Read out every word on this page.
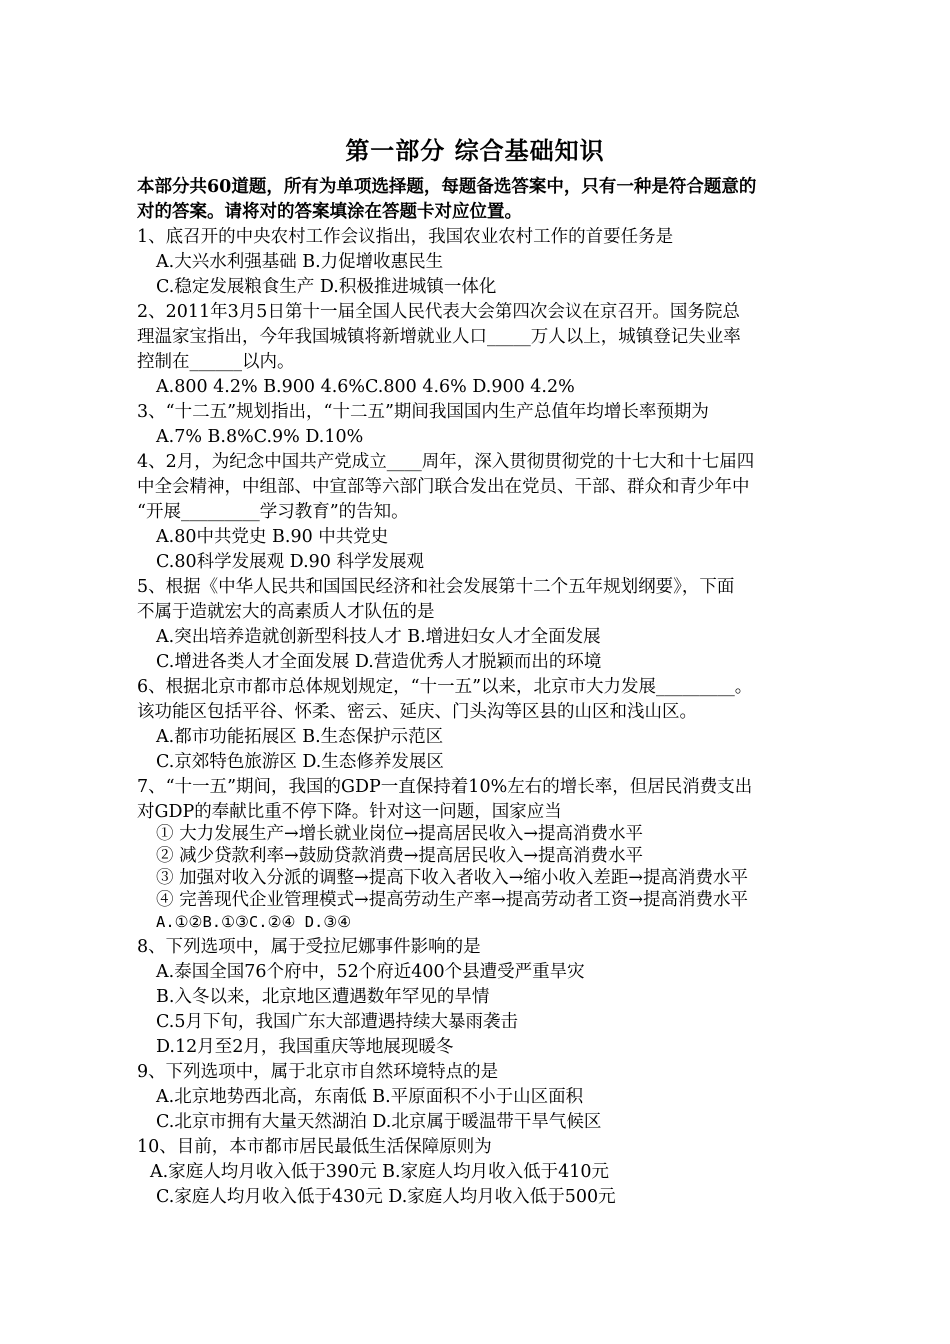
第一部分 综合基础知识
本部分共60道题，所有为单项选择题，每题备选答案中，只有一种是符合题意的
对的答案。请将对的答案填涂在答题卡对应位置。
1、底召开的中央农村工作会议指出，我国农业农村工作的首要任务是
A.大兴水利强基础 B.力促增收惠民生
C.稳定发展粮食生产 D.积极推进城镇一体化
2、2011年3月5日第十一届全国人民代表大会第四次会议在京召开。国务院总
理温家宝指出，今年我国城镇将新增就业人口_____万人以上，城镇登记失业率
控制在______以内。
A.800 4.2% B.900 4.6%C.800 4.6% D.900 4.2%
3、“十二五”规划指出，“十二五”期间我国国内生产总值年均增长率预期为
A.7% B.8%C.9% D.10%
4、2月，为纪念中国共产党成立____周年，深入贯彻贯彻党的十七大和十七届四
中全会精神，中组部、中宣部等六部门联合发出在党员、干部、群众和青少年中
“开展_________学习教育”的告知。
A.80中共党史 B.90 中共党史
C.80科学发展观 D.90 科学发展观
5、根据《中华人民共和国国民经济和社会发展第十二个五年规划纲要》，下面
不属于造就宏大的高素质人才队伍的是
A.突出培养造就创新型科技人才 B.增进妇女人才全面发展
C.增进各类人才全面发展 D.营造优秀人才脱颖而出的环境
6、根据北京市都市总体规划规定，“十一五”以来，北京市大力发展_________。
该功能区包括平谷、怀柔、密云、延庆、门头沟等区县的山区和浅山区。
A.都市功能拓展区 B.生态保护示范区
C.京郊特色旅游区 D.生态修养发展区
7、“十一五”期间，我国的GDP一直保持着10%左右的增长率，但居民消费支出
对GDP的奉献比重不停下降。针对这一问题，国家应当
① 大力发展生产→增长就业岗位→提高居民收入→提高消费水平
② 减少贷款利率→鼓励贷款消费→提高居民收入→提高消费水平
③ 加强对收入分派的调整→提高下收入者收入→缩小收入差距→提高消费水平
④ 完善现代企业管理模式→提高劳动生产率→提高劳动者工资→提高消费水平
A.①②B.①③C.②④ D.③④
8、下列选项中，属于受拉尼娜事件影响的是
A.泰国全国76个府中，52个府近400个县遭受严重旱灾
B.入冬以来，北京地区遭遇数年罕见的旱情
C.5月下旬，我国广东大部遭遇持续大暴雨袭击
D.12月至2月，我国重庆等地展现暖冬
9、下列选项中，属于北京市自然环境特点的是
A.北京地势西北高，东南低 B.平原面积不小于山区面积
C.北京市拥有大量天然湖泊 D.北京属于暖温带干旱气候区
10、目前，本市都市居民最低生活保障原则为
A.家庭人均月收入低于390元 B.家庭人均月收入低于410元
C.家庭人均月收入低于430元 D.家庭人均月收入低于500元
